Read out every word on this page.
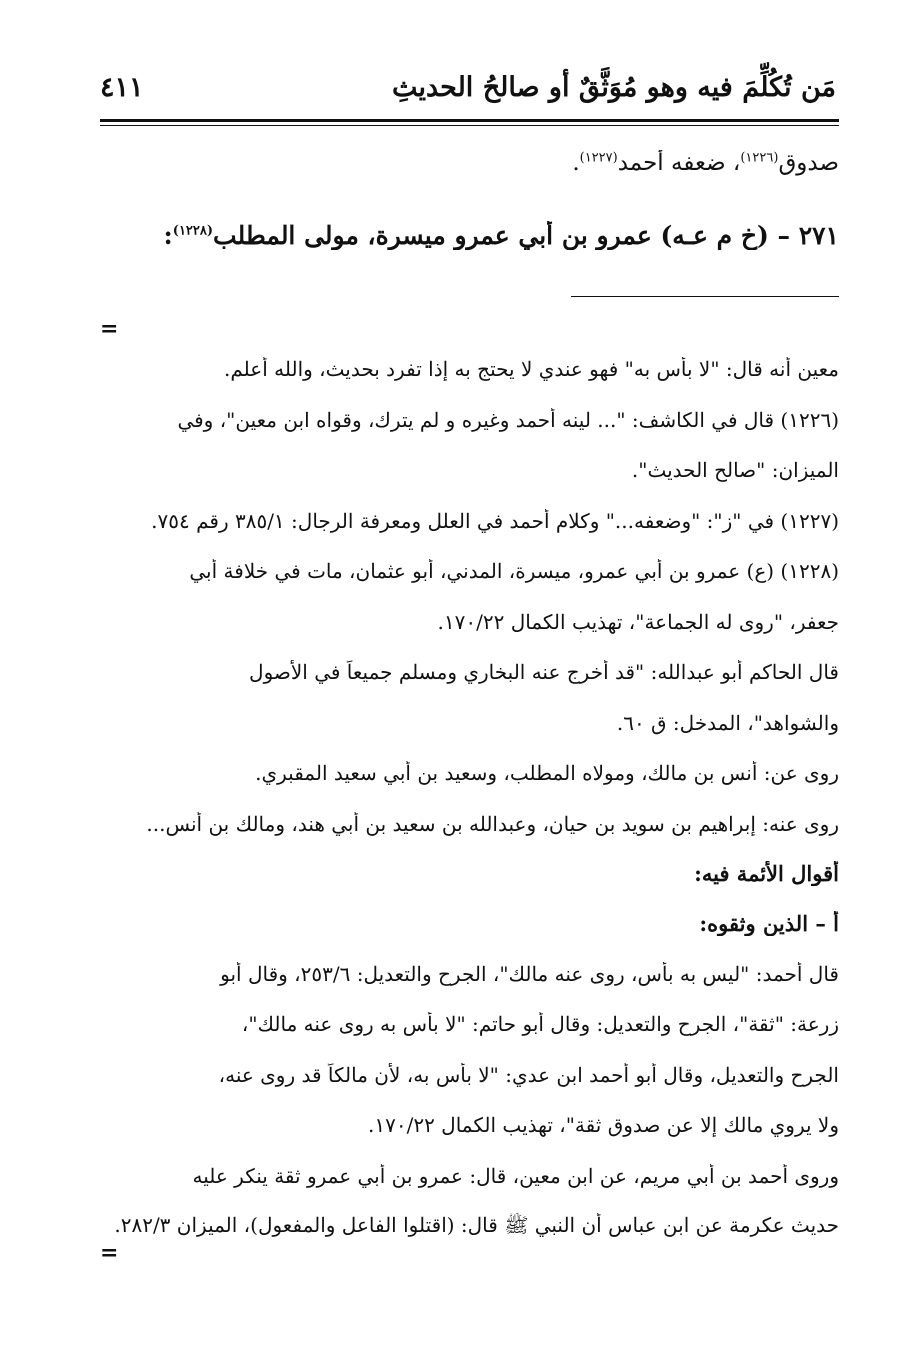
مَن تُكُلِّمَ فيه وهو مُوَثَّقٌ أو صالحُ الحديثِ
٤١١
صدوق$^{(١٢٢٦)}$، ضعفه أحمد$^{(١٢٢٧)}$.
٢٧١ – (خ م عـه) عمرو بن أبي عمرو ميسرة، مولى المطلب$^{(١٢٢٨)}$:
=
معين أنه قال: "لا بأس به" فهو عندي لا يحتج به إذا تفرد بحديث، والله أعلم.
(١٢٢٦) قال في الكاشف: "... لينه أحمد وغيره و لم يترك، وقواه ابن معين"، وفي
الميزان: "صالح الحديث".
(١٢٢٧) في "ز": "وضعفه..." وكلام أحمد في العلل ومعرفة الرجال: ٣٨٥/١ رقم ٧٥٤.
(١٢٢٨) (ع) عمرو بن أبي عمرو، ميسرة، المدني، أبو عثمان، مات في خلافة أبي
جعفر، "روى له الجماعة"، تهذيب الكمال ١٧٠/٢٢.
قال الحاكم أبو عبدالله: "قد أخرج عنه البخاري ومسلم جميعاً في الأصول
والشواهد"، المدخل: ق ٦٠.
روى عن: أنس بن مالك، ومولاه المطلب، وسعيد بن أبي سعيد المقبري.
روى عنه: إبراهيم بن سويد بن حيان، وعبدالله بن سعيد بن أبي هند، ومالك بن أنس...
أقوال الأئمة فيه:
أ – الذين وثقوه:
قال أحمد: "ليس به بأس، روى عنه مالك"، الجرح والتعديل: ٢٥٣/٦، وقال أبو
زرعة: "ثقة"، الجرح والتعديل: وقال أبو حاتم: "لا بأس به روى عنه مالك"،
الجرح والتعديل، وقال أبو أحمد ابن عدي: "لا بأس به، لأن مالكاً قد روى عنه،
ولا يروي مالك إلا عن صدوق ثقة"، تهذيب الكمال ١٧٠/٢٢.
وروى أحمد بن أبي مريم، عن ابن معين، قال: عمرو بن أبي عمرو ثقة ينكر عليه
حديث عكرمة عن ابن عباس أن النبي ﷺ قال: (اقتلوا الفاعل والمفعول)، الميزان ٢٨٢/٣.
=
